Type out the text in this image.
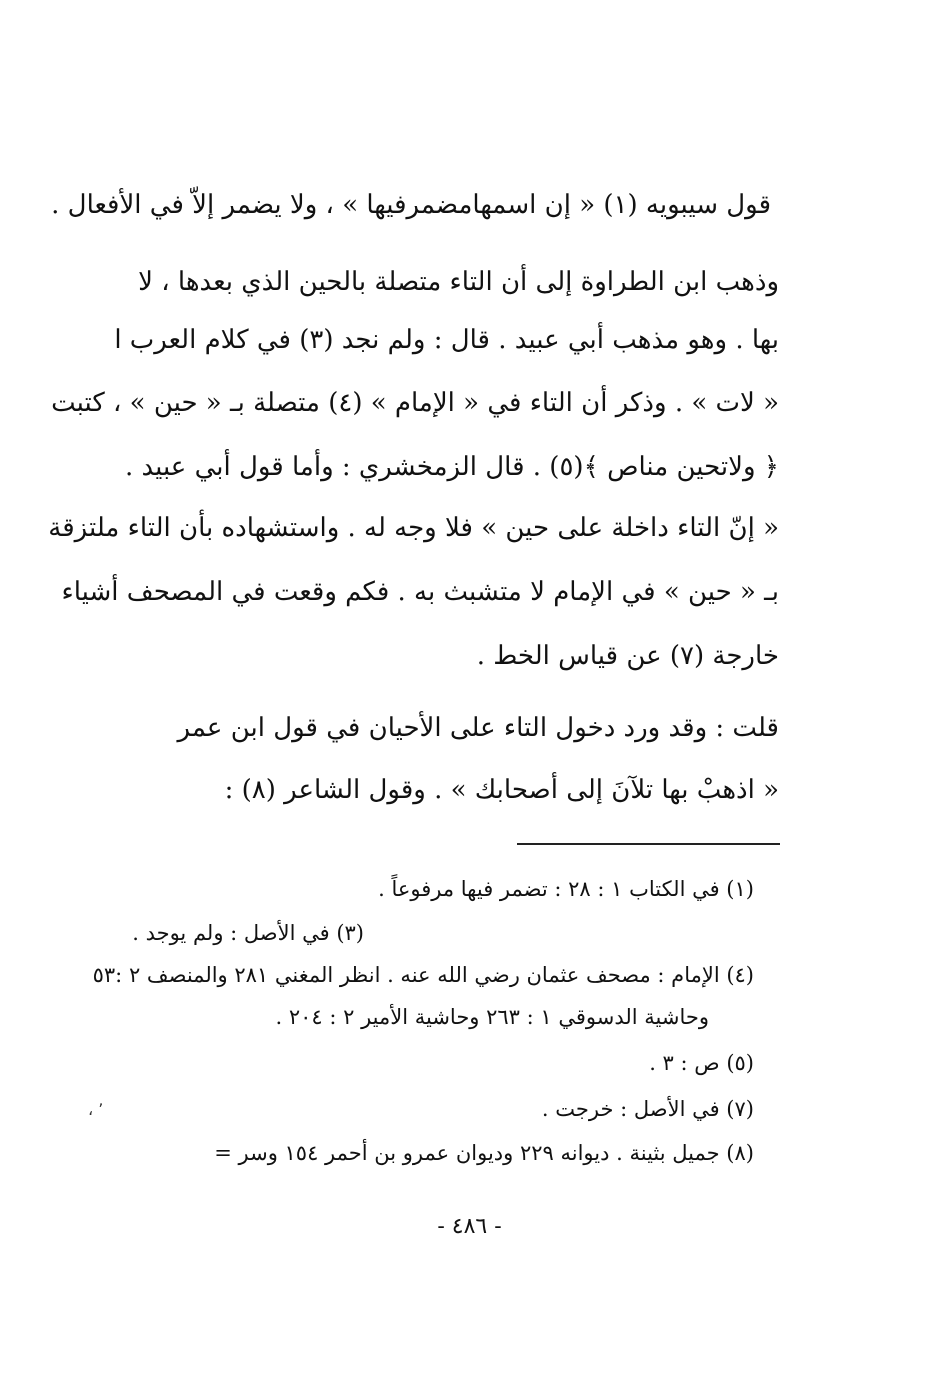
قول سيبويه (١) « إن اسمهامضمرفيها » ، ولا يضمر إلاّ في الأفعال .
وذهب ابن الطراوة إلى أن التاء متصلة بالحين الذي بعدها ، لا
بها . وهو مذهب أبي عبيد . قال : ولم نجد (٣) في كلام العرب ا
« لات » . وذكر أن التاء في « الإمام » (٤) متصلة بـ « حين » ، كتبت
﴿ ولاتحين مناص ﴾(٥) . قال الزمخشري : وأما قول أبي عبيد .
« إنّ التاء داخلة على حين » فلا وجه له . واستشهاده بأن التاء ملتزقة
بـ « حين » في الإمام لا متشبث به . فكم وقعت في المصحف أشياء
خارجة (٧) عن قياس الخط .
قلت : وقد ورد دخول التاء على الأحيان في قول ابن عمر
« اذهبْ بها تلآنَ إلى أصحابك » . وقول الشاعر (٨) :
(١) في الكتاب ١ : ٢٨ : تضمر فيها مرفوعاً .
(٣) في الأصل : ولم يوجد .
(٤) الإمام : مصحف عثمان رضي الله عنه . انظر المغني ٢٨١ والمنصف ٢ :٥٣
وحاشية الدسوقي ١ : ٢٦٣ وحاشية الأمير ٢ : ٢٠٤ .
(٥) ص : ٣ .
(٧) في الأصل : خرجت .
(٨) جميل بثينة . ديوانه ٢٢٩ وديوان عمرو بن أحمر ١٥٤ وسر =
، ٬
- ٤٨٦ -
